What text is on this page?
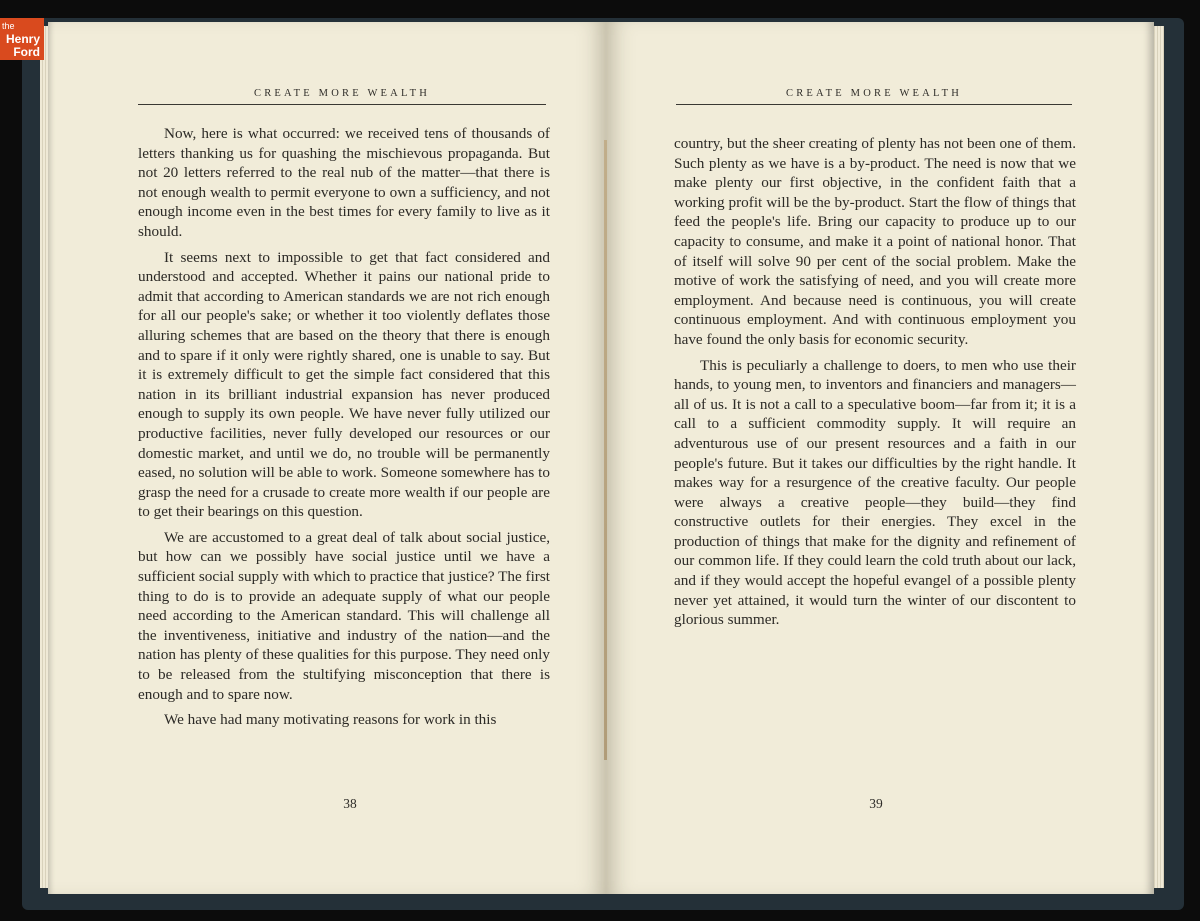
CREATE MORE WEALTH

Now, here is what occurred: we received tens of thousands of letters thanking us for quashing the mischievous propaganda. But not 20 letters referred to the real nub of the matter—that there is not enough wealth to permit everyone to own a sufficiency, and not enough income even in the best times for every family to live as it should.

It seems next to impossible to get that fact considered and understood and accepted. Whether it pains our national pride to admit that according to American standards we are not rich enough for all our people's sake; or whether it too violently deflates those alluring schemes that are based on the theory that there is enough and to spare if it only were rightly shared, one is unable to say. But it is extremely difficult to get the simple fact considered that this nation in its brilliant industrial expansion has never produced enough to supply its own people. We have never fully utilized our productive facilities, never fully developed our resources or our domestic market, and until we do, no trouble will be permanently eased, no solution will be able to work. Someone somewhere has to grasp the need for a crusade to create more wealth if our people are to get their bearings on this question.

We are accustomed to a great deal of talk about social justice, but how can we possibly have social justice until we have a sufficient social supply with which to practice that justice? The first thing to do is to provide an adequate supply of what our people need according to the American standard. This will challenge all the inventiveness, initiative and industry of the nation—and the nation has plenty of these qualities for this purpose. They need only to be released from the stultifying misconception that there is enough and to spare now.

We have had many motivating reasons for work in this

38
CREATE MORE WEALTH

country, but the sheer creating of plenty has not been one of them. Such plenty as we have is a by-product. The need is now that we make plenty our first objective, in the confident faith that a working profit will be the by-product. Start the flow of things that feed the people's life. Bring our capacity to produce up to our capacity to consume, and make it a point of national honor. That of itself will solve 90 per cent of the social problem. Make the motive of work the satisfying of need, and you will create more employment. And because need is continuous, you will create continuous employment. And with continuous employment you have found the only basis for economic security.

This is peculiarly a challenge to doers, to men who use their hands, to young men, to inventors and financiers and managers—all of us. It is not a call to a speculative boom—far from it; it is a call to a sufficient commodity supply. It will require an adventurous use of our present resources and a faith in our people's future. But it takes our difficulties by the right handle. It makes way for a resurgence of the creative faculty. Our people were always a creative people—they build—they find constructive outlets for their energies. They excel in the production of things that make for the dignity and refinement of our common life. If they could learn the cold truth about our lack, and if they would accept the hopeful evangel of a possible plenty never yet attained, it would turn the winter of our discontent to glorious summer.

39
the
Henry
Ford
